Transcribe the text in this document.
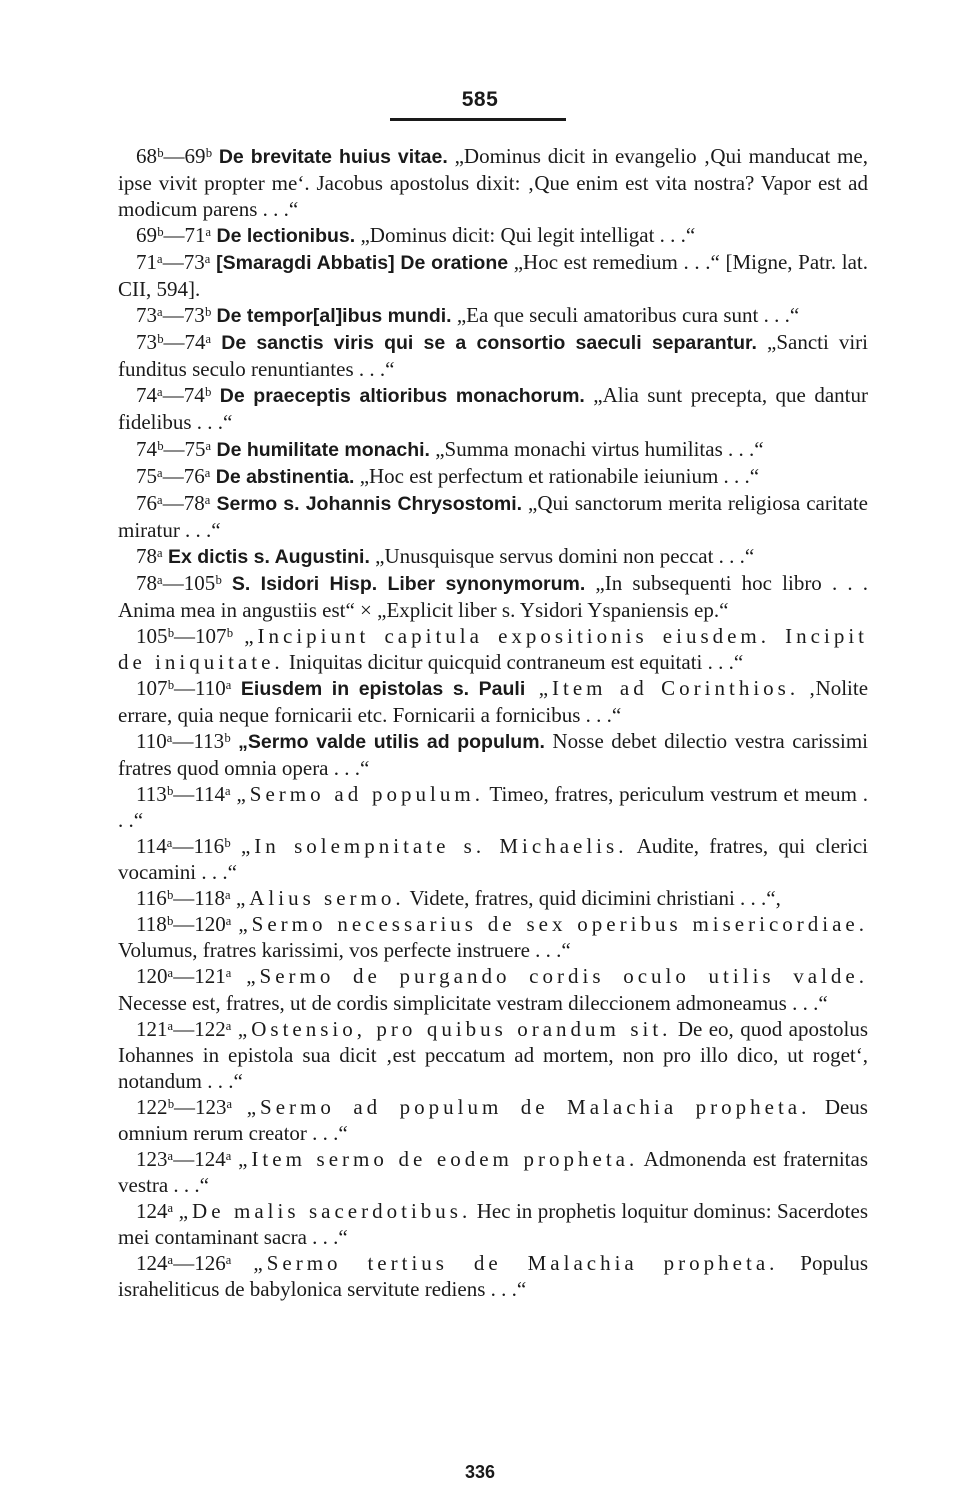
585

68ᵇ—69ᵇ De brevitate huius vitae. „Dominus dicit in evangelio ‚Qui manducat me, ipse vivit propter me‘. Jacobus apostolus dixit: ‚Que enim est vita nostra? Vapor est ad modicum parens . . .“

69ᵇ—71ᵃ De lectionibus. „Dominus dicit: Qui legit intelligat . . .“

71ᵃ—73ᵃ [Smaragdi Abbatis] De oratione „Hoc est remedium . . .“ [Migne, Patr. lat. CII, 594].

73ᵃ—73ᵇ De tempor[al]ibus mundi. „Ea que seculi amatoribus cura sunt . . .“

73ᵇ—74ᵃ De sanctis viris qui se a consortio saeculi separantur. „Sancti viri funditus seculo renuntiantes . . .“

74ᵃ—74ᵇ De praeceptis altioribus monachorum. „Alia sunt precepta, que dantur fidelibus . . .“

74ᵇ—75ᵃ De humilitate monachi. „Summa monachi virtus humilitas . . .“

75ᵃ—76ᵃ De abstinentia. „Hoc est perfectum et rationabile ieiunium . . .“

76ᵃ—78ᵃ Sermo s. Johannis Chrysostomi. „Qui sanctorum merita religiosa caritate miratur . . .“

78ᵃ Ex dictis s. Augustini. „Unusquisque servus domini non peccat . . .“

78ᵃ—105ᵇ S. Isidori Hisp. Liber synonymorum. „In subsequenti hoc libro . . . Anima mea in angustiis est“ × „Explicit liber s. Ysidori Yspaniensis ep.“

105ᵇ—107ᵇ „Incipiunt capitula expositionis eiusdem. Incipit de iniquitate. Iniquitas dicitur quicquid contraneum est equitati . . .“

107ᵇ—110ᵃ Eiusdem in epistolas s. Pauli „Item ad Corinthios. ‚Nolite errare, quia neque fornicarii etc. Fornicarii a fornicibus . . .“

110ᵃ—113ᵇ „Sermo valde utilis ad populum. Nosse debet dilectio vestra carissimi fratres quod omnia opera . . .“

113ᵇ—114ᵃ „Sermo ad populum. Timeo, fratres, periculum vestrum et meum . . .“

114ᵃ—116ᵇ „In solempnitate s. Michaelis. Audite, fratres, qui clerici vocamini . . .“

116ᵇ—118ᵃ „Alius sermo. Videte, fratres, quid dicimini christiani . . .“,

118ᵇ—120ᵃ „Sermo necessarius de sex operibus misericordiae. Volumus, fratres karissimi, vos perfecte instruere . . .“

120ᵃ—121ᵃ „Sermo de purgando cordis oculo utilis valde. Necesse est, fratres, ut de cordis simplicitate vestram dileccionem admoneamus . . .“

121ᵃ—122ᵃ „Ostensio, pro quibus orandum sit. De eo, quod apostolus Iohannes in epistola sua dicit ‚est peccatum ad mortem, non pro illo dico, ut roget‘, notandum . . .“

122ᵇ—123ᵃ „Sermo ad populum de Malachia propheta. Deus omnium rerum creator . . .“

123ᵃ—124ᵃ „Item sermo de eodem propheta. Admonenda est fraternitas vestra . . .“

124ᵃ „De malis sacerdotibus. Hec in prophetis loquitur dominus: Sacerdotes mei contaminant sacra . . .“

124ᵃ—126ᵃ „Sermo tertius de Malachia propheta. Populus israheliticus de babylonica servitute rediens . . .“

336
